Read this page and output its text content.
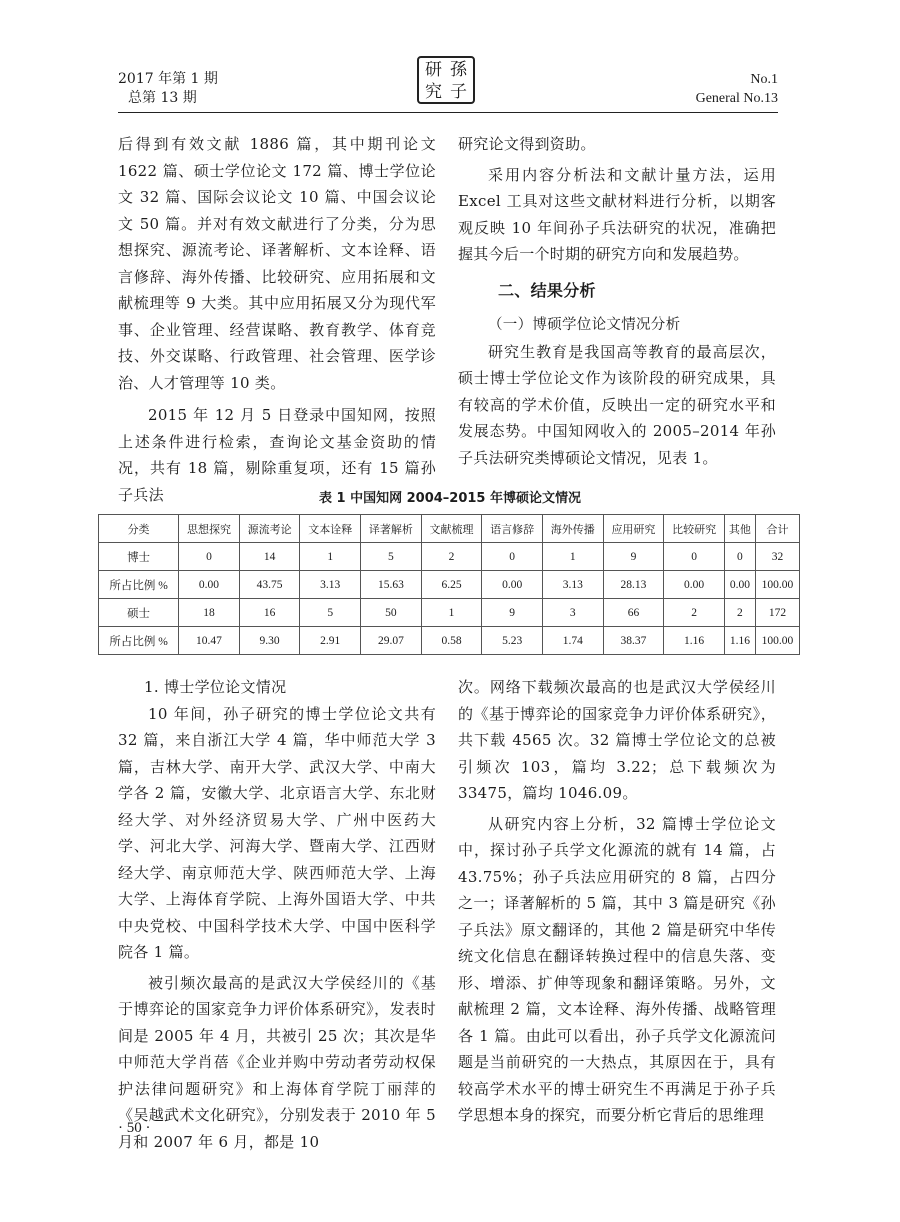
2017 年第 1 期
总第 13 期
研 孫
究 子
No.1
General No.13

后得到有效文献 1886 篇，其中期刊论文 1622 篇、硕士学位论文 172 篇、博士学位论文 32 篇、国际会议论文 10 篇、中国会议论文 50 篇。并对有效文献进行了分类，分为思想探究、源流考论、译著解析、文本诠释、语言修辞、海外传播、比较研究、应用拓展和文献梳理等 9 大类。其中应用拓展又分为现代军事、企业管理、经营谋略、教育教学、体育竞技、外交谋略、行政管理、社会管理、医学诊治、人才管理等 10 类。

2015 年 12 月 5 日登录中国知网，按照上述条件进行检索，查询论文基金资助的情况，共有 18 篇，剔除重复项，还有 15 篇孙子兵法

研究论文得到资助。

采用内容分析法和文献计量方法，运用 Excel 工具对这些文献材料进行分析，以期客观反映 10 年间孙子兵法研究的状况，准确把握其今后一个时期的研究方向和发展趋势。

二、结果分析

（一）博硕学位论文情况分析

研究生教育是我国高等教育的最高层次，硕士博士学位论文作为该阶段的研究成果，具有较高的学术价值，反映出一定的研究水平和发展态势。中国知网收入的 2005–2014 年孙子兵法研究类博硕论文情况，见表 1。

表 1 中国知网 2004–2015 年博硕论文情况
分类	思想探究	源流考论	文本诠释	译著解析	文献梳理	语言修辞	海外传播	应用研究	比较研究	其他	合计
博士	0	14	1	5	2	0	1	9	0	0	32
所占比例 %	0.00	43.75	3.13	15.63	6.25	0.00	3.13	28.13	0.00	0.00	100.00
硕士	18	16	5	50	1	9	3	66	2	2	172
所占比例 %	10.47	9.30	2.91	29.07	0.58	5.23	1.74	38.37	1.16	1.16	100.00

1. 博士学位论文情况

10 年间，孙子研究的博士学位论文共有 32 篇，来自浙江大学 4 篇，华中师范大学 3 篇，吉林大学、南开大学、武汉大学、中南大学各 2 篇，安徽大学、北京语言大学、东北财经大学、对外经济贸易大学、广州中医药大学、河北大学、河海大学、暨南大学、江西财经大学、南京师范大学、陕西师范大学、上海大学、上海体育学院、上海外国语大学、中共中央党校、中国科学技术大学、中国中医科学院各 1 篇。

被引频次最高的是武汉大学侯经川的《基于博弈论的国家竞争力评价体系研究》，发表时间是 2005 年 4 月，共被引 25 次；其次是华中师范大学肖蓓《企业并购中劳动者劳动权保护法律问题研究》和上海体育学院丁丽萍的《吴越武术文化研究》，分别发表于 2010 年 5 月和 2007 年 6 月，都是 10

次。网络下载频次最高的也是武汉大学侯经川的《基于博弈论的国家竞争力评价体系研究》，共下载 4565 次。32 篇博士学位论文的总被引频次 103，篇均 3.22；总下载频次为 33475，篇均 1046.09。

从研究内容上分析，32 篇博士学位论文中，探讨孙子兵学文化源流的就有 14 篇，占 43.75%；孙子兵法应用研究的 8 篇，占四分之一；译著解析的 5 篇，其中 3 篇是研究《孙子兵法》原文翻译的，其他 2 篇是研究中华传统文化信息在翻译转换过程中的信息失落、变形、增添、扩伸等现象和翻译策略。另外，文献梳理 2 篇，文本诠释、海外传播、战略管理各 1 篇。由此可以看出，孙子兵学文化源流问题是当前研究的一大热点，其原因在于，具有较高学术水平的博士研究生不再满足于孙子兵学思想本身的探究，而要分析它背后的思维理

· 50 ·
